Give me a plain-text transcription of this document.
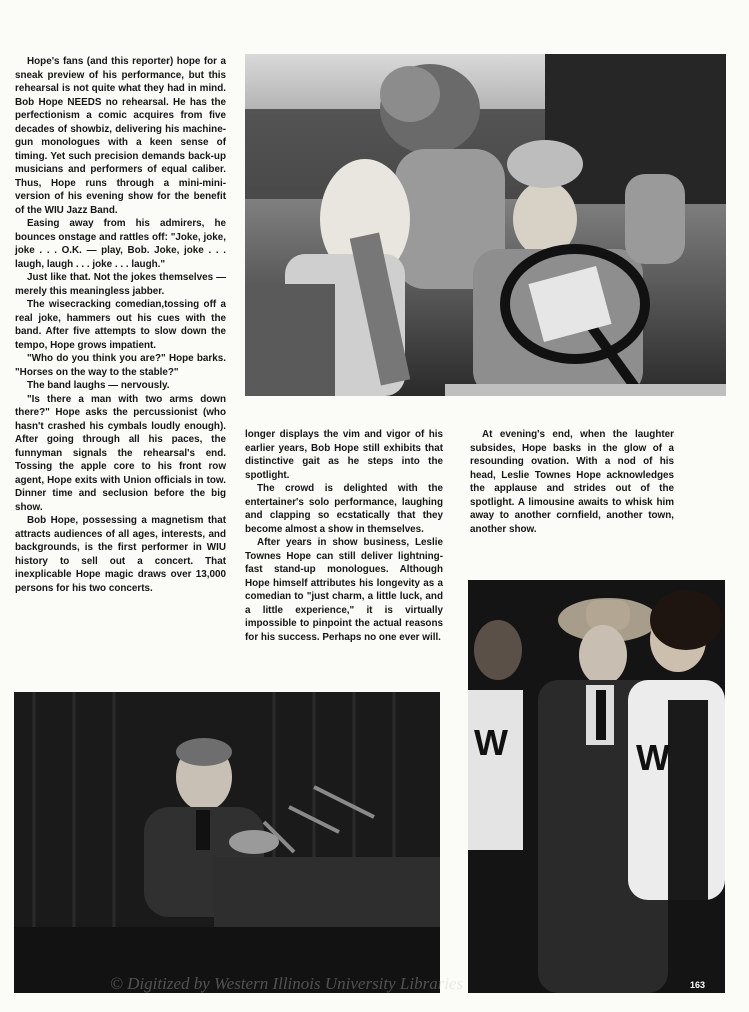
Hope's fans (and this reporter) hope for a sneak preview of his performance, but this rehearsal is not quite what they had in mind. Bob Hope NEEDS no rehearsal. He has the perfectionism a comic acquires from five decades of showbiz, delivering his machine-gun monologues with a keen sense of timing. Yet such precision demands back-up musicians and performers of equal caliber. Thus, Hope runs through a mini-mini-version of his evening show for the benefit of the WIU Jazz Band.

Easing away from his admirers, he bounces onstage and rattles off: "Joke, joke, joke . . . O.K. — play, Bob. Joke, joke . . . laugh, laugh . . . joke . . . laugh."

Just like that. Not the jokes themselves — merely this meaningless jabber.

The wisecracking comedian,tossing off a real joke, hammers out his cues with the band. After five attempts to slow down the tempo, Hope grows impatient.

"Who do you think you are?" Hope barks. "Horses on the way to the stable?"

The band laughs — nervously.

"Is there a man with two arms down there?" Hope asks the percussionist (who hasn't crashed his cymbals loudly enough). After going through all his paces, the funnyman signals the rehearsal's end. Tossing the apple core to his front row agent, Hope exits with Union officials in tow. Dinner time and seclusion before the big show.

Bob Hope, possessing a magnetism that attracts audiences of all ages, interests, and backgrounds, is the first performer in WIU history to sell out a concert. That inexplicable Hope magic draws over 13,000 persons for his two concerts.

longer displays the vim and vigor of his earlier years, Bob Hope still exhibits that distinctive gait as he steps into the spotlight.

The crowd is delighted with the entertainer's solo performance, laughing and clapping so ecstatically that they become almost a show in themselves.

After years in show business, Leslie Townes Hope can still deliver lightning-fast stand-up monologues. Although Hope himself attributes his longevity as a comedian to "just charm, a little luck, and a little experience," it is virtually impossible to pinpoint the actual reasons for his success. Perhaps no one ever will.

At evening's end, when the laughter subsides, Hope basks in the glow of a resounding ovation. With a nod of his head, Leslie Townes Hope acknowledges the applause and strides out of the spotlight. A limousine awaits to whisk him away to another cornfield, another town, another show.

W	W
© Digitized by Western Illinois University Libraries	163
